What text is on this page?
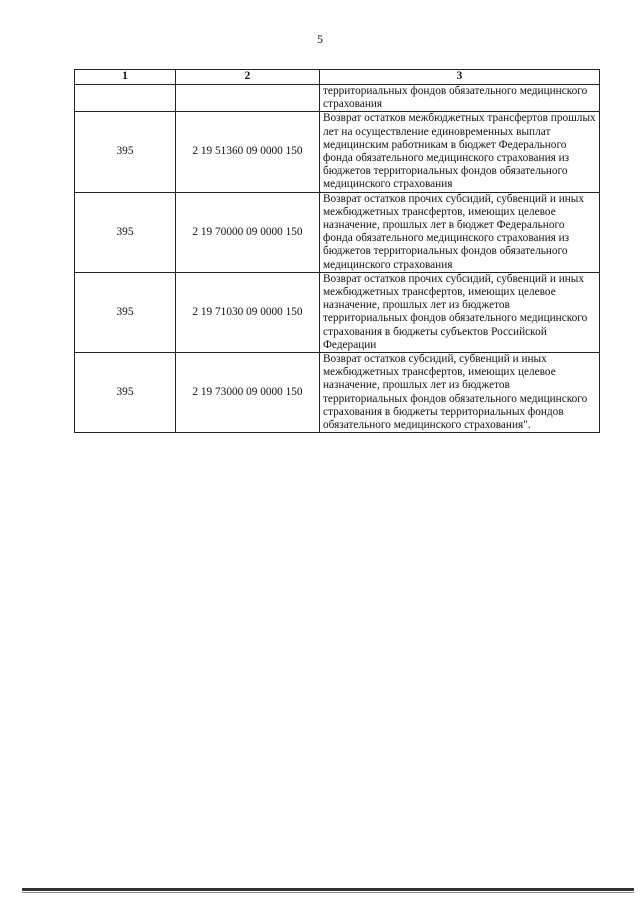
5
1	2	3
		территориальных фондов обязательного медицинского страхования
395	2 19 51360 09 0000 150	Возврат остатков межбюджетных трансфертов прошлых лет на осуществление единовременных выплат медицинским работникам в бюджет Федерального фонда обязательного медицинского страхования из бюджетов территориальных фондов обязательного медицинского страхования
395	2 19 70000 09 0000 150	Возврат остатков прочих субсидий, субвенций и иных межбюджетных трансфертов, имеющих целевое назначение, прошлых лет в бюджет Федерального фонда обязательного медицинского страхования из бюджетов территориальных фондов обязательного медицинского страхования
395	2 19 71030 09 0000 150	Возврат остатков прочих субсидий, субвенций и иных межбюджетных трансфертов, имеющих целевое назначение, прошлых лет из бюджетов территориальных фондов обязательного медицинского страхования в бюджеты субъектов Российской Федерации
395	2 19 73000 09 0000 150	Возврат остатков субсидий, субвенций и иных межбюджетных трансфертов, имеющих целевое назначение, прошлых лет из бюджетов территориальных фондов обязательного медицинского страхования в бюджеты территориальных фондов обязательного медицинского страхования".
